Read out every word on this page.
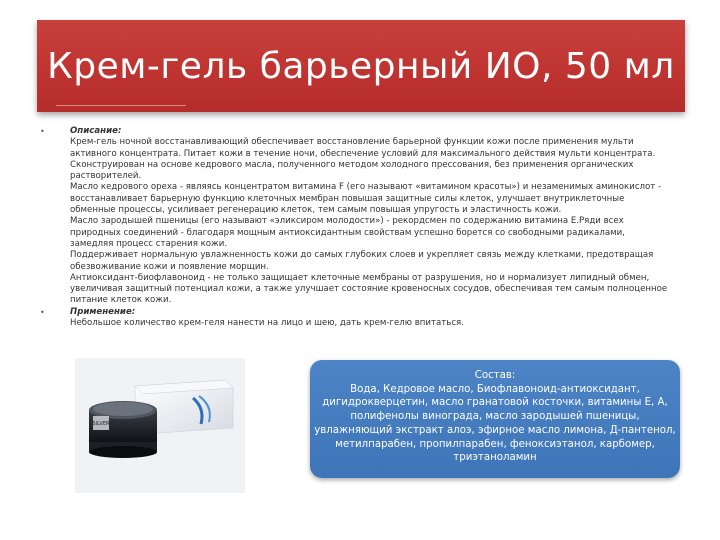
Крем-гель барьерный ИО, 50 мл
•	Описание:
Крем-гель ночной восстанавливающий обеспечивает восстановление барьерной функции кожи после применения мульти активного концентрата. Питает кожи в течение ночи, обеспечение условий для максимального действия мульти концентрата. Сконструирован на основе кедрового масла, полученного методом холодного прессования, без применения органических растворителей.
Масло кедрового ореха - являясь концентратом витамина F (его называют «витамином красоты») и незаменимых аминокислот - восстанавливает барьерную функцию клеточных мембран повышая защитные силы клеток, улучшает внутриклеточные обменные процессы, усиливает регенерацию клеток, тем самым повышая упругость и эластичность кожи.
Масло зародышей пшеницы (его называют «эликсиром молодости») - рекордсмен по содержанию витамина Е.Ряди всех природных соединений - благодаря мощным антиоксидантным свойствам успешно борется со свободными радикалами, замедляя процесс старения кожи.
Поддерживает нормальную увлажненность кожи до самых глубоких слоев и укрепляет связь между клетками, предотвращая обезвоживание кожи и появление морщин.
Антиоксидант-биофлавоноид - не только защищает клеточные мембраны от разрушения, но и нормализует липидный обмен, увеличивая защитный потенциал кожи, а также улучшает состояние кровеносных сосудов, обеспечивая тем самым полноценное питание клеток кожи.
•	Применение:
Небольшое количество крем-геля нанести на лицо и шею, дать крем-гелю впитаться.
SILVER
Состав:
Вода, Кедровое масло, Биофлавоноид-антиоксидант,
дигидрокверцетин, масло гранатовой косточки, витамины Е, А,
полифенолы винограда, масло зародышей пшеницы,
увлажняющий экстракт алоэ, эфирное масло лимона, Д-пантенол,
метилпарабен, пропилпарабен, феноксиэтанол, карбомер,
триэтаноламин
